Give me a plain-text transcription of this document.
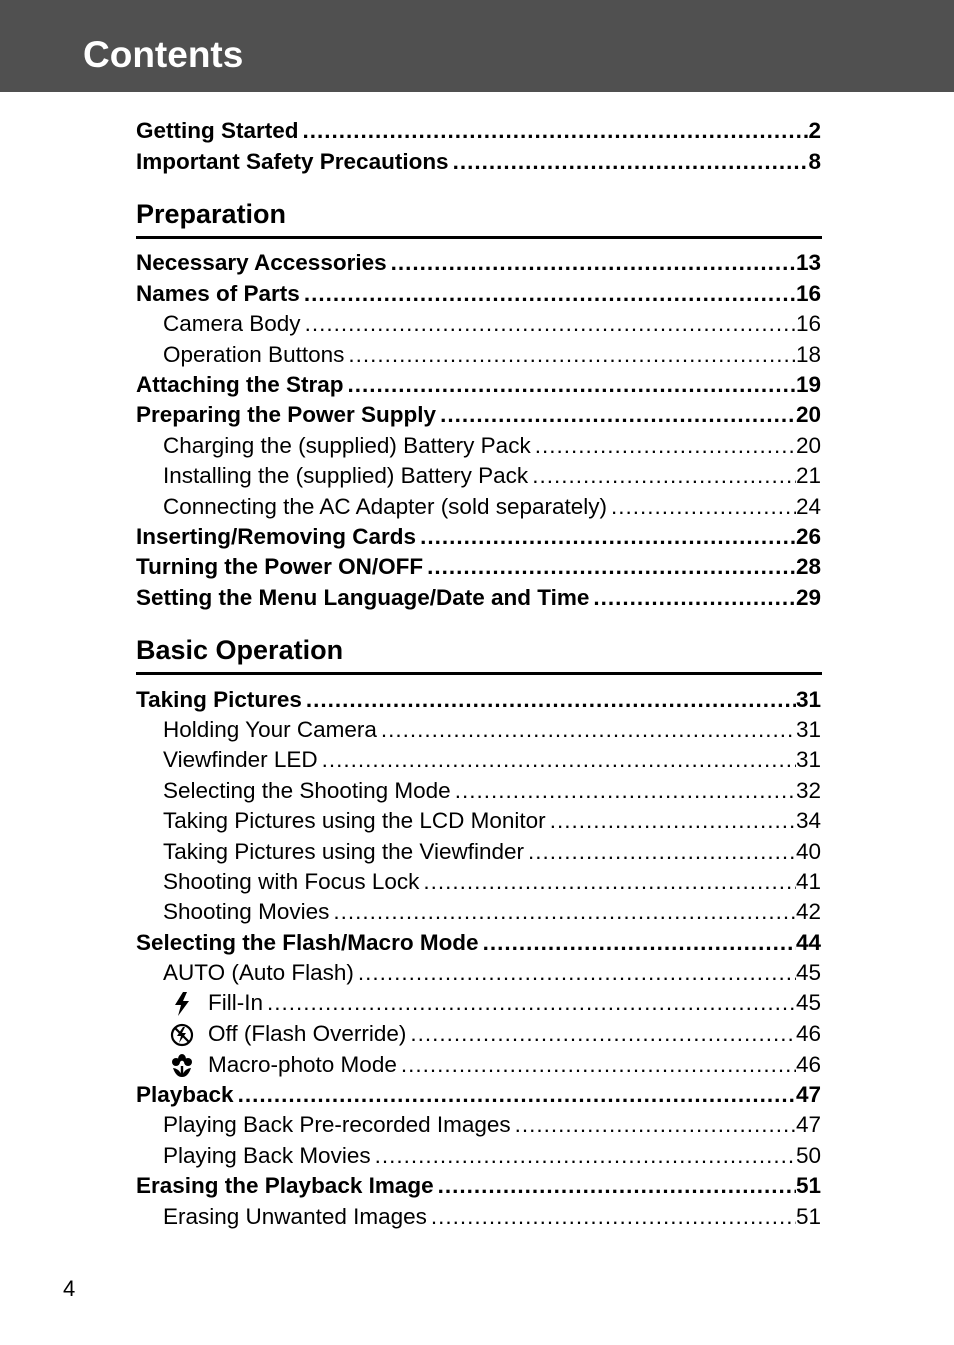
Contents
Getting Started .....	2
Important Safety Precautions .....	8
Preparation
Necessary Accessories .....	13
Names of Parts .....	16
Camera Body .....	16
Operation Buttons .....	18
Attaching the Strap .....	19
Preparing the Power Supply .....	20
Charging the (supplied) Battery Pack .....	20
Installing the (supplied) Battery Pack .....	21
Connecting the AC Adapter (sold separately) .....	24
Inserting/Removing Cards .....	26
Turning the Power ON/OFF .....	28
Setting the Menu Language/Date and Time .....	29
Basic Operation
Taking Pictures .....	31
Holding Your Camera .....	31
Viewfinder LED .....	31
Selecting the Shooting Mode .....	32
Taking Pictures using the LCD Monitor .....	34
Taking Pictures using the Viewfinder .....	40
Shooting with Focus Lock .....	41
Shooting Movies .....	42
Selecting the Flash/Macro Mode .....	44
AUTO (Auto Flash) .....	45
Fill-In .....	45
Off (Flash Override) .....	46
Macro-photo Mode .....	46
Playback .....	47
Playing Back Pre-recorded Images .....	47
Playing Back Movies .....	50
Erasing the Playback Image .....	51
Erasing Unwanted Images .....	51
4
